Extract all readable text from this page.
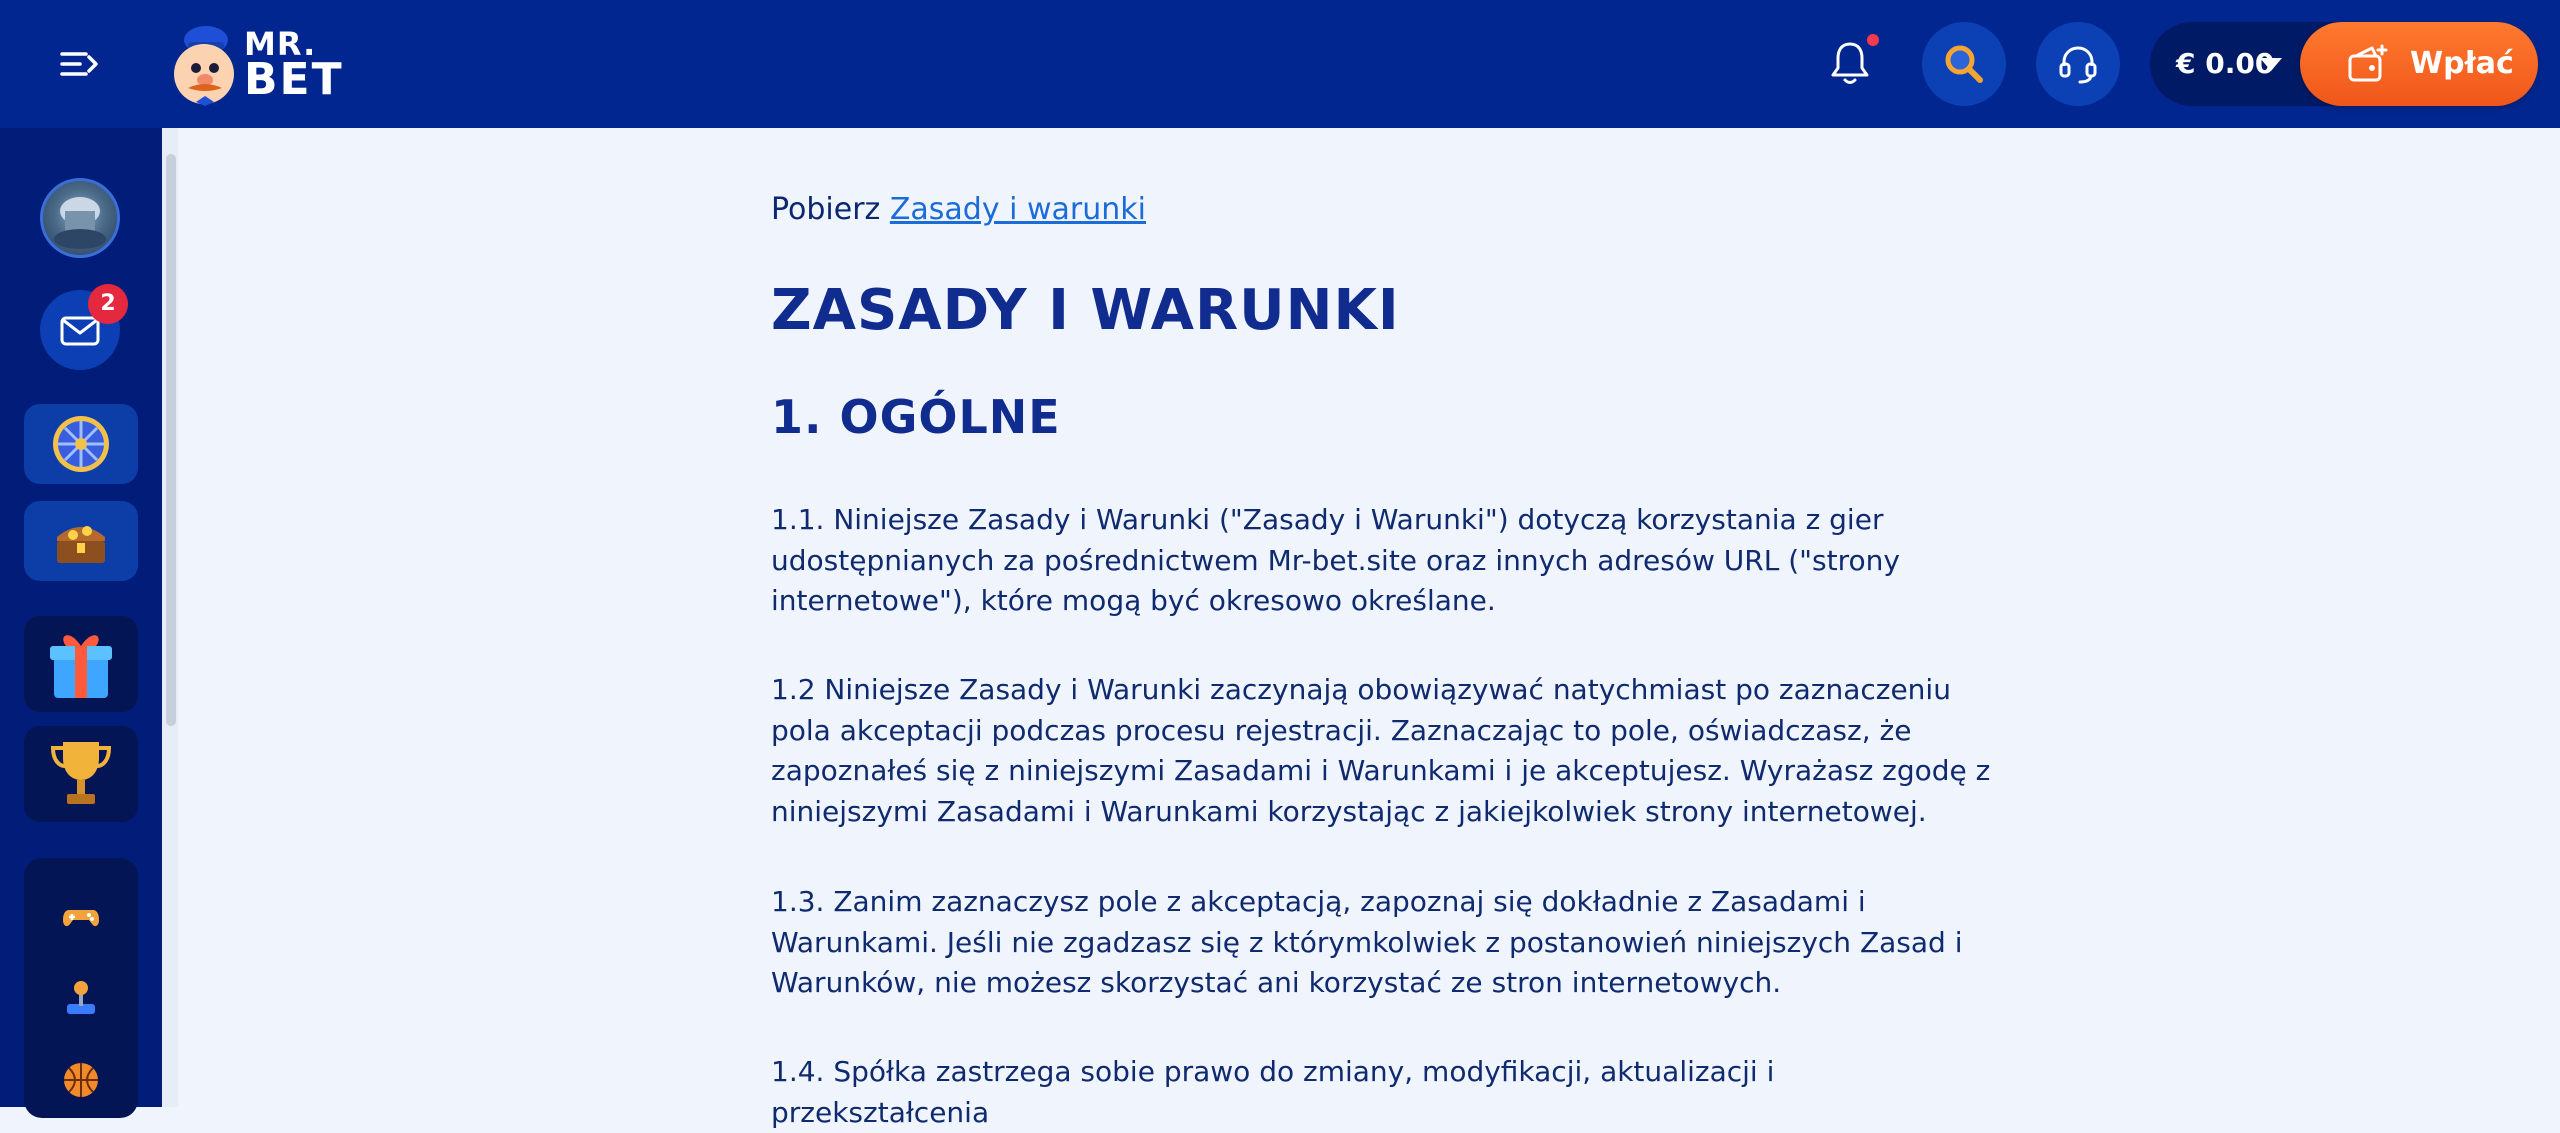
MR.
BET	€ 0.00	Wpłać
2
Pobierz Zasady i warunki
ZASADY I WARUNKI
1. OGÓLNE

1.1. Niniejsze Zasady i Warunki ("Zasady i Warunki") dotyczą korzystania z gier udostępnianych za pośrednictwem Mr-bet.site oraz innych adresów URL ("strony internetowe"), które mogą być okresowo określane.

1.2 Niniejsze Zasady i Warunki zaczynają obowiązywać natychmiast po zaznaczeniu pola akceptacji podczas procesu rejestracji. Zaznaczając to pole, oświadczasz, że zapoznałeś się z niniejszymi Zasadami i Warunkami i je akceptujesz. Wyrażasz zgodę z niniejszymi Zasadami i Warunkami korzystając z jakiejkolwiek strony internetowej.

1.3. Zanim zaznaczysz pole z akceptacją, zapoznaj się dokładnie z Zasadami i Warunkami. Jeśli nie zgadzasz się z którymkolwiek z postanowień niniejszych Zasad i Warunków, nie możesz skorzystać ani korzystać ze stron internetowych.

1.4. Spółka zastrzega sobie prawo do zmiany, modyfikacji, aktualizacji i przekształcenia
